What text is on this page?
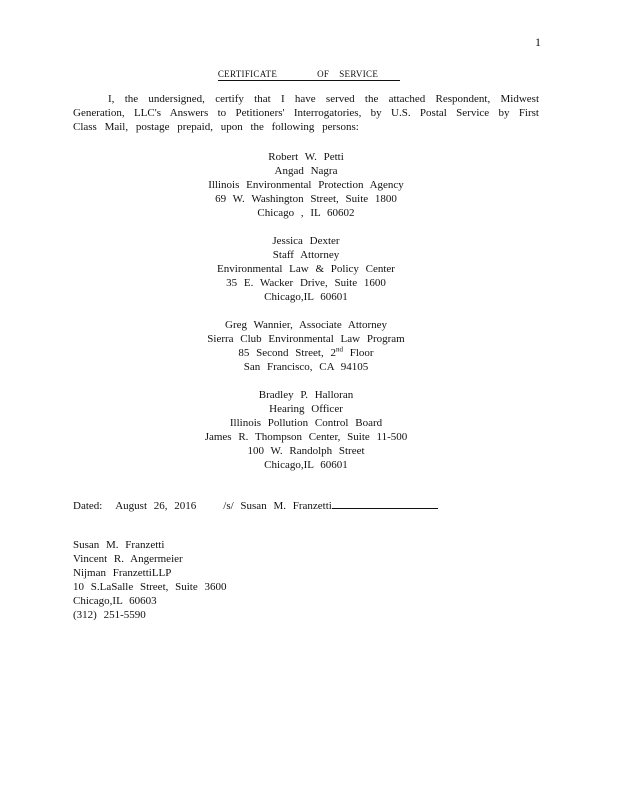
1
CERTIFICATE	OF SERVICE
I, the undersigned, certify that I have served the attached Respondent, Midwest Generation, LLC's Answers to Petitioners' Interrogatories, by U.S. Postal Service by First Class Mail, postage prepaid, upon the following persons:
Robert W. Petti
Angad Nagra
Illinois Environmental Protection Agency
69 W. Washington Street, Suite 1800
Chicago , IL 60602
Jessica Dexter
Staff Attorney
Environmental Law & Policy Center
35 E. Wacker Drive, Suite 1600
Chicago,IL 60601
Greg Wannier, Associate Attorney
Sierra Club Environmental Law Program
85 Second Street, 2nd Floor
San Francisco, CA 94105
Bradley P. Halloran
Hearing Officer
Illinois Pollution Control Board
James R. Thompson Center, Suite 11-500
100 W. Randolph Street
Chicago,IL 60601
Dated: August 26, 2016 /s/ Susan M. Franzetti
Susan M. Franzetti
Vincent R. Angermeier
Nijman FranzettiLLP
10 S.LaSalle Street, Suite 3600
Chicago,IL 60603
(312) 251-5590
